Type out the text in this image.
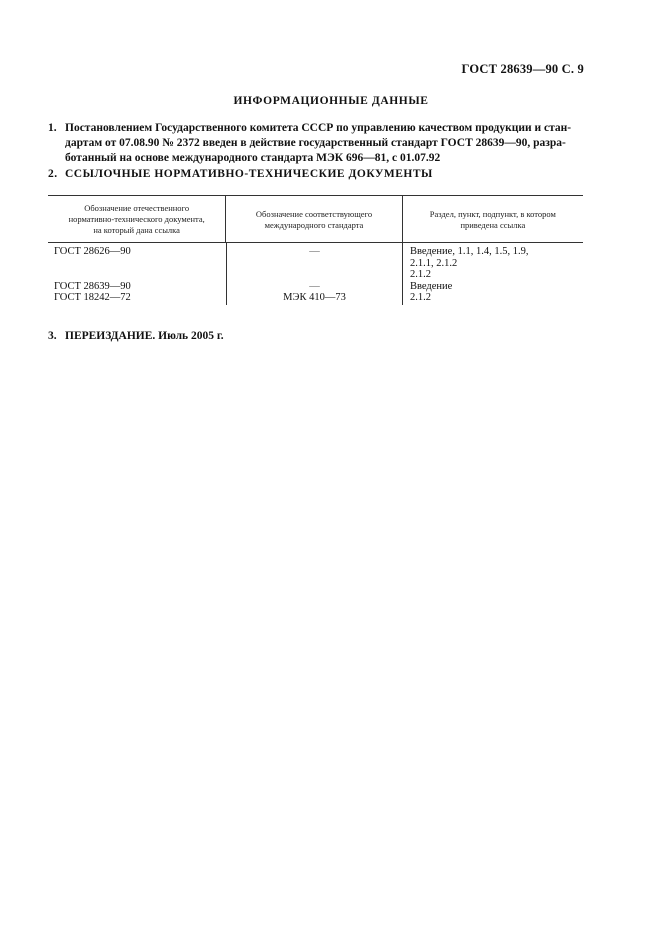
ГОСТ 28639—90 С. 9
ИНФОРМАЦИОННЫЕ ДАННЫЕ
1. Постановлением Государственного комитета СССР по управлению качеством продукции и стан-
дартам от 07.08.90 № 2372 введен в действие государственный стандарт ГОСТ 28639—90, разра-
ботанный на основе международного стандарта МЭК 696—81, с 01.07.92
2. ССЫЛОЧНЫЕ НОРМАТИВНО-ТЕХНИЧЕСКИЕ ДОКУМЕНТЫ
Обозначение отечественного
нормативно-технического документа,
на который дана ссылка
Обозначение соответствующего
международного стандарта
Раздел, пункт, подпункт, в котором
приведена ссылка
ГОСТ 28626—90
ГОСТ 28639—90
ГОСТ 18242—72
—
—
МЭК 410—73
Введение, 1.1, 1.4, 1.5, 1.9,
2.1.1, 2.1.2
2.1.2
Введение
2.1.2
3. ПЕРЕИЗДАНИЕ. Июль 2005 г.
